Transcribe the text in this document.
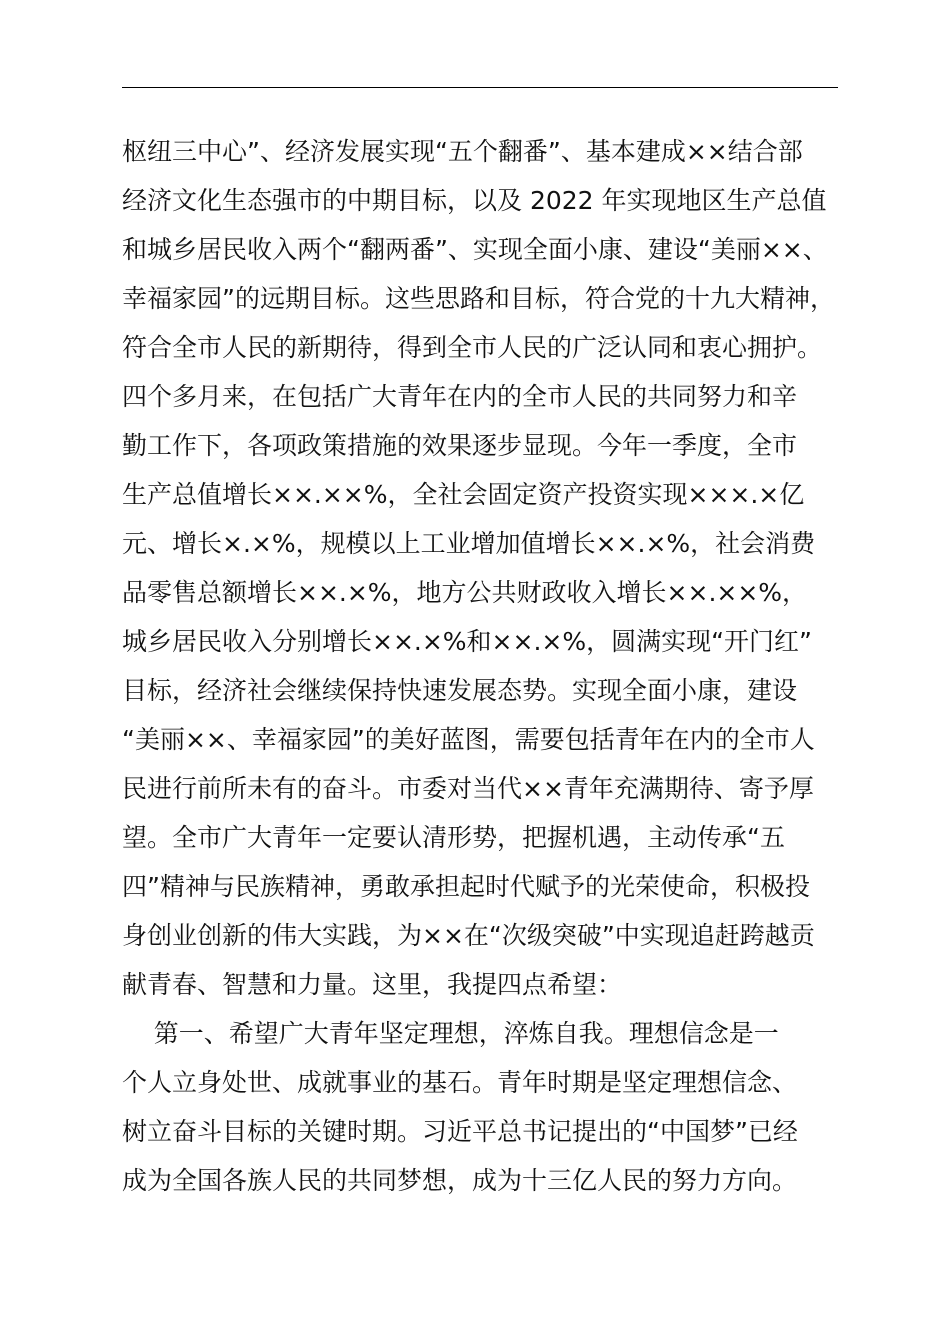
枢纽三中心”、经济发展实现“五个翻番”、基本建成××结合部
经济文化生态强市的中期目标，以及 2022 年实现地区生产总值
和城乡居民收入两个“翻两番”、实现全面小康、建设“美丽××、
幸福家园”的远期目标。这些思路和目标，符合党的十九大精神，
符合全市人民的新期待，得到全市人民的广泛认同和衷心拥护。
四个多月来，在包括广大青年在内的全市人民的共同努力和辛
勤工作下，各项政策措施的效果逐步显现。今年一季度，全市
生产总值增长××.××%，全社会固定资产投资实现×××.×亿
元、增长×.×%，规模以上工业增加值增长××.×%，社会消费
品零售总额增长××.×%，地方公共财政收入增长××.××%，
城乡居民收入分别增长××.×%和××.×%，圆满实现“开门红”
目标，经济社会继续保持快速发展态势。实现全面小康，建设
“美丽××、幸福家园”的美好蓝图，需要包括青年在内的全市人
民进行前所未有的奋斗。市委对当代××青年充满期待、寄予厚
望。全市广大青年一定要认清形势，把握机遇，主动传承“五
四”精神与民族精神，勇敢承担起时代赋予的光荣使命，积极投
身创业创新的伟大实践，为××在“次级突破”中实现追赶跨越贡
献青春、智慧和力量。这里，我提四点希望：
第一、希望广大青年坚定理想，淬炼自我。理想信念是一
个人立身处世、成就事业的基石。青年时期是坚定理想信念、
树立奋斗目标的关键时期。习近平总书记提出的“中国梦”已经
成为全国各族人民的共同梦想，成为十三亿人民的努力方向。
